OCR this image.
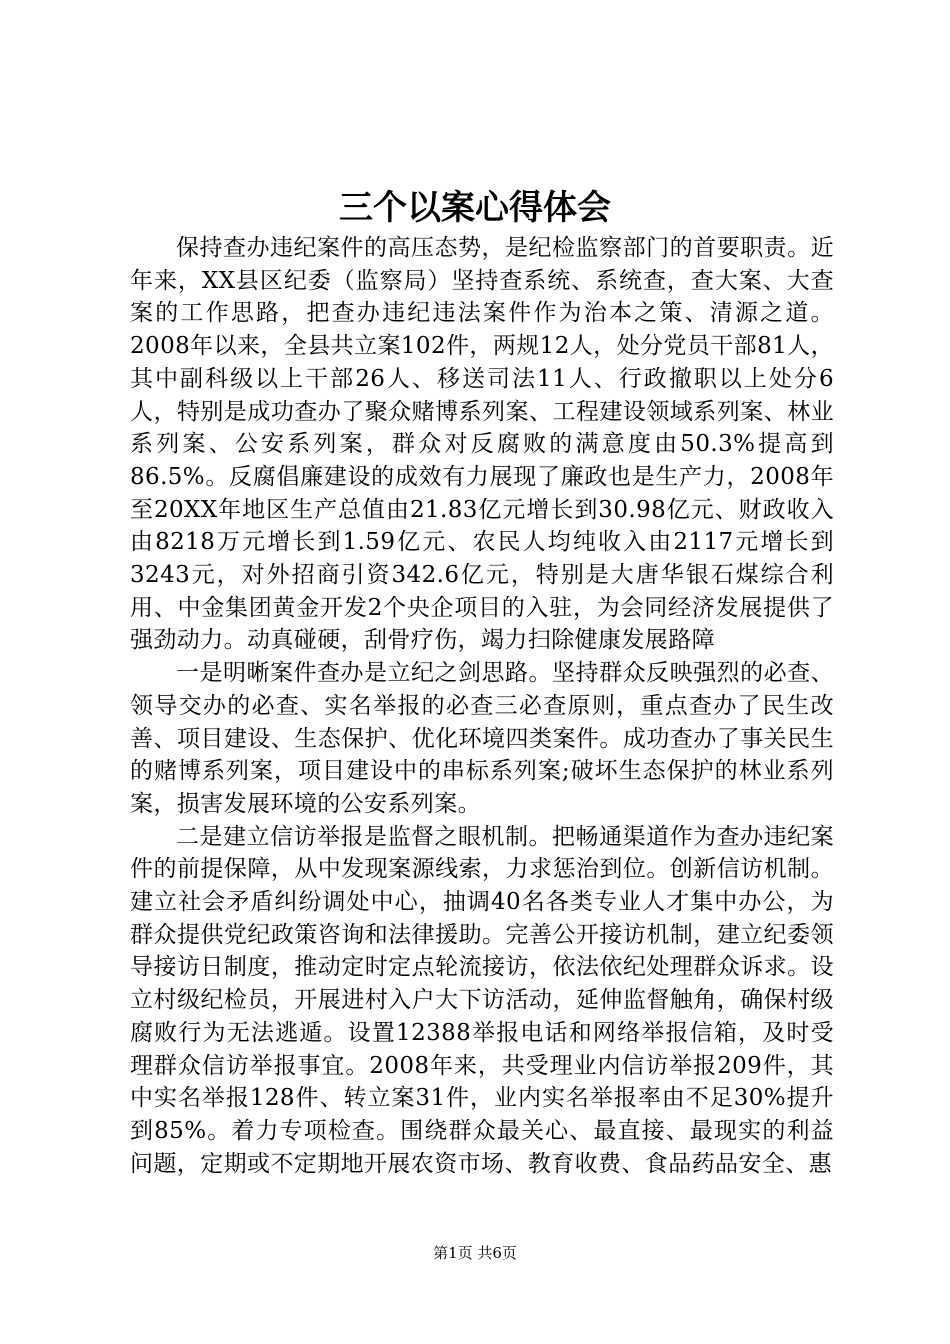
三个以案心得体会

保持查办违纪案件的高压态势，是纪检监察部门的首要职责。近年来，XX县区纪委（监察局）坚持查系统、系统查，查大案、大查案的工作思路，把查办违纪违法案件作为治本之策、清源之道。2008年以来，全县共立案102件，两规12人，处分党员干部81人，其中副科级以上干部26人、移送司法11人、行政撤职以上处分6人，特别是成功查办了聚众赌博系列案、工程建设领域系列案、林业系列案、公安系列案，群众对反腐败的满意度由50.3%提高到86.5%。反腐倡廉建设的成效有力展现了廉政也是生产力，2008年至20XX年地区生产总值由21.83亿元增长到30.98亿元、财政收入由8218万元增长到1.59亿元、农民人均纯收入由2117元增长到3243元，对外招商引资342.6亿元，特别是大唐华银石煤综合利用、中金集团黄金开发2个央企项目的入驻，为会同经济发展提供了强劲动力。动真碰硬，刮骨疗伤，竭力扫除健康发展路障

一是明晰案件查办是立纪之剑思路。坚持群众反映强烈的必查、领导交办的必查、实名举报的必查三必查原则，重点查办了民生改善、项目建设、生态保护、优化环境四类案件。成功查办了事关民生的赌博系列案，项目建设中的串标系列案;破坏生态保护的林业系列案，损害发展环境的公安系列案。

二是建立信访举报是监督之眼机制。把畅通渠道作为查办违纪案件的前提保障，从中发现案源线索，力求惩治到位。创新信访机制。建立社会矛盾纠纷调处中心，抽调40名各类专业人才集中办公，为群众提供党纪政策咨询和法律援助。完善公开接访机制，建立纪委领导接访日制度，推动定时定点轮流接访，依法依纪处理群众诉求。设立村级纪检员，开展进村入户大下访活动，延伸监督触角，确保村级腐败行为无法逃遁。设置12388举报电话和网络举报信箱，及时受理群众信访举报事宜。2008年来，共受理业内信访举报209件，其中实名举报128件、转立案31件，业内实名举报率由不足30%提升到85%。着力专项检查。围绕群众最关心、最直接、最现实的利益问题，定期或不定期地开展农资市场、教育收费、食品药品安全、惠

第1页 共6页
